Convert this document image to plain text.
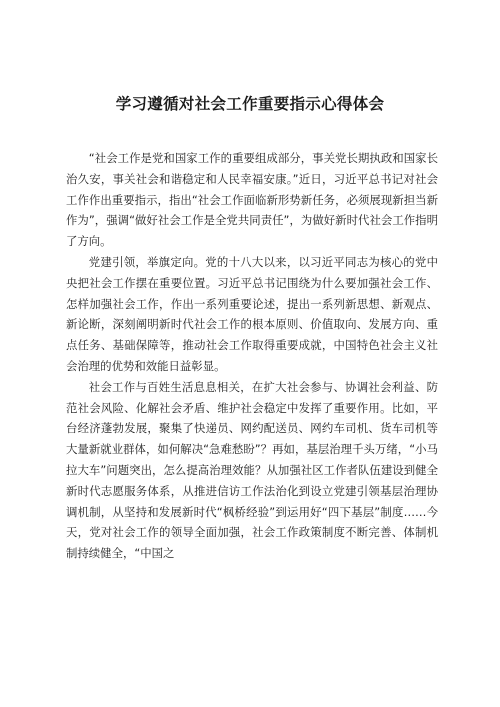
学习遵循对社会工作重要指示心得体会

“社会工作是党和国家工作的重要组成部分，事关党长期执政和国家长治久安，事关社会和谐稳定和人民幸福安康。”近日，习近平总书记对社会工作作出重要指示，指出“社会工作面临新形势新任务，必须展现新担当新作为”，强调“做好社会工作是全党共同责任”，为做好新时代社会工作指明了方向。

党建引领，举旗定向。党的十八大以来，以习近平同志为核心的党中央把社会工作摆在重要位置。习近平总书记围绕为什么要加强社会工作、怎样加强社会工作，作出一系列重要论述，提出一系列新思想、新观点、新论断，深刻阐明新时代社会工作的根本原则、价值取向、发展方向、重点任务、基础保障等，推动社会工作取得重要成就，中国特色社会主义社会治理的优势和效能日益彰显。

社会工作与百姓生活息息相关，在扩大社会参与、协调社会利益、防范社会风险、化解社会矛盾、维护社会稳定中发挥了重要作用。比如，平台经济蓬勃发展，聚集了快递员、网约配送员、网约车司机、货车司机等大量新就业群体，如何解决“急难愁盼”？再如，基层治理千头万绪，“小马拉大车”问题突出，怎么提高治理效能？从加强社区工作者队伍建设到健全新时代志愿服务体系，从推进信访工作法治化到设立党建引领基层治理协调机制，从坚持和发展新时代“枫桥经验”到运用好“四下基层”制度……今天，党对社会工作的领导全面加强，社会工作政策制度不断完善、体制机制持续健全，“中国之
